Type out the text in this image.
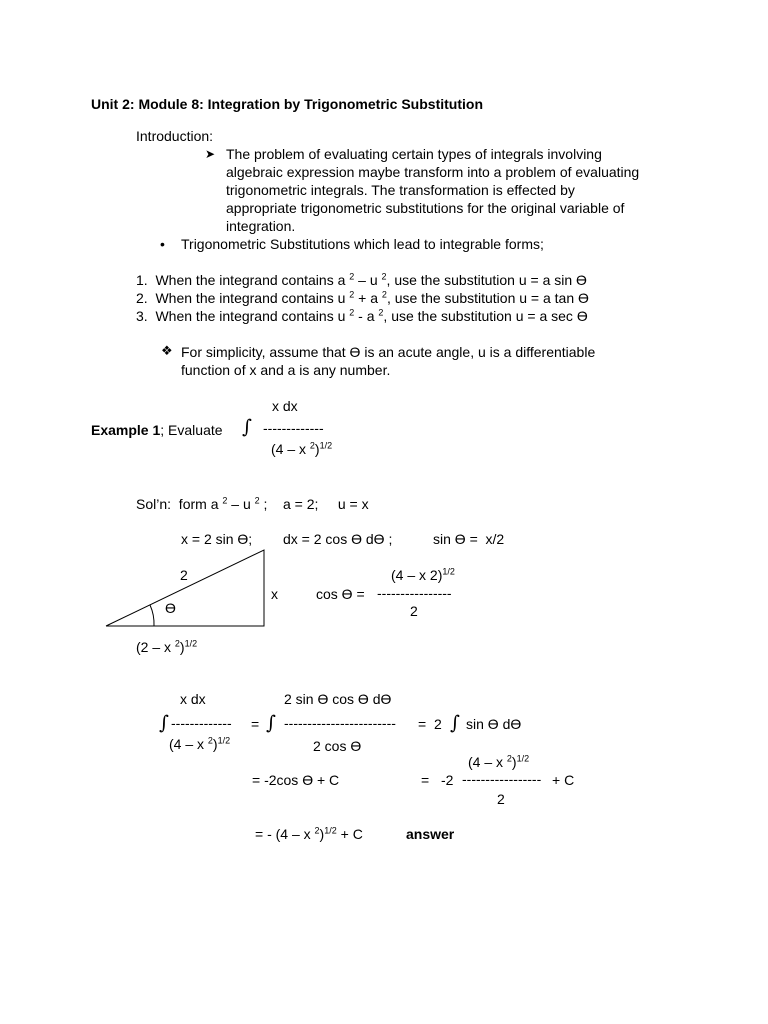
Unit 2: Module 8: Integration by Trigonometric Substitution
Introduction:
➤ The problem of evaluating certain types of integrals involving
algebraic expression maybe transform into a problem of evaluating
trigonometric integrals. The transformation is effected by
appropriate trigonometric substitutions for the original variable of
integration.
• Trigonometric Substitutions which lead to integrable forms;
1. When the integrand contains a $^2$ – u $^2$, use the substitution u = a sin Ө
2. When the integrand contains u $^2$ + a $^2$, use the substitution u = a tan Ө
3. When the integrand contains u $^2$ - a $^2$, use the substitution u = a sec Ө
❖ For simplicity, assume that Ө is an acute angle, u is a differentiable
function of x and a is any number.
x dx
Example 1; Evaluate ∫ -------------
(4 – x $^2$)$^{1/2}$
Sol’n:  form a $^2$ – u $^2$ ;    a = 2;     u = x
x = 2 sin Ө; dx = 2 cos Ө dӨ ;	sin Ө =  x/2
2
x
Ө
(2 – x $^2$)$^{1/2}$
(4 – x 2)$^{1/2}$
cos Ө = ----------------
2
x dx	2 sin Ө cos Ө dӨ
∫ ------------- = ∫ ------------------------ =  2 ∫ sin Ө dӨ
(4 – x $^2$)$^{1/2}$	2 cos Ө
(4 – x $^2$)$^{1/2}$
= -2cos Ө + C	= -2 ----------------- + C
2
= - (4 – x $^2$)$^{1/2}$ + C	answer
